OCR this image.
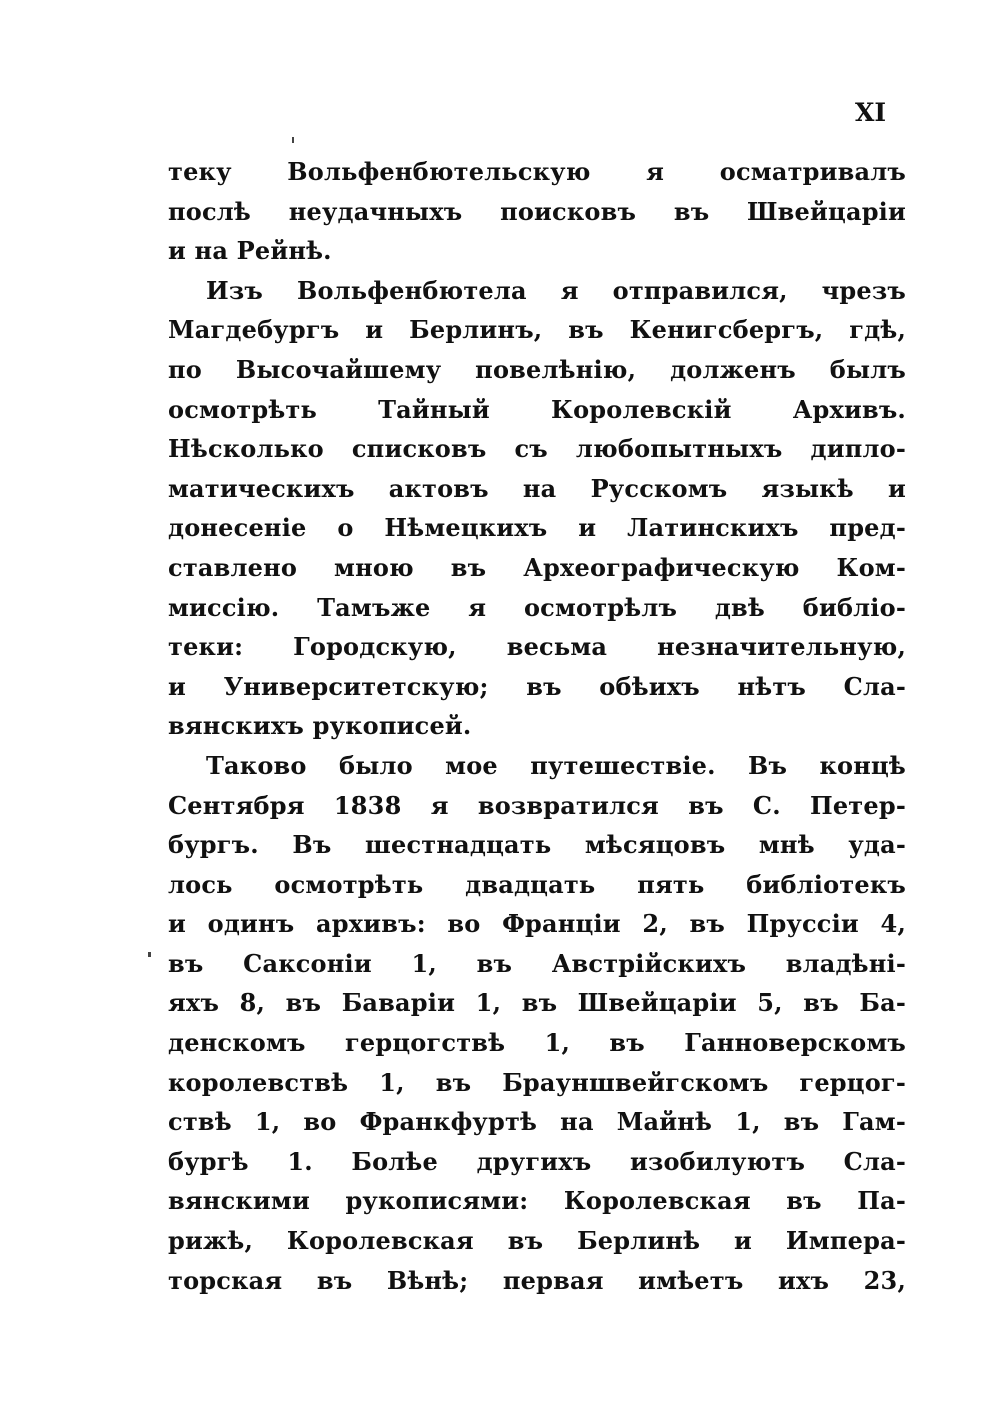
XI
теку Вольфенбютельскую я осматривалъ
послѣ неудачныхъ поисковъ въ Швейцаріи
и на Рейнѣ.
Изъ Вольфенбютела я отправился, чрезъ
Магдебургъ и Берлинъ, въ Кенигсбергъ, гдѣ,
по Высочайшему повелѣнію, долженъ былъ
осмотрѣть Тайный Королевскій Архивъ.
Нѣсколько списковъ съ любопытныхъ дипло-
матическихъ актовъ на Русскомъ языкѣ и
донесеніе о Нѣмецкихъ и Латинскихъ пред-
ставлено мною въ Археографическую Ком-
миссію. Тамъже я осмотрѣлъ двѣ библіо-
теки: Городскую, весьма незначительную,
и Университетскую; въ обѣихъ нѣтъ Сла-
вянскихъ рукописей.
Таково было мое путешествіе. Въ концѣ
Сентября 1838 я возвратился въ С. Петер-
бургъ. Въ шестнадцать мѣсяцовъ мнѣ уда-
лось осмотрѣть двадцать пять библіотекъ
и одинъ архивъ: во Франціи 2, въ Пруссіи 4,
въ Саксоніи 1, въ Австрійскихъ владѣні-
яхъ 8, въ Баваріи 1, въ Швейцаріи 5, въ Ба-
денскомъ герцогствѣ 1, въ Ганноверскомъ
королевствѣ 1, въ Брауншвейгскомъ герцог-
ствѣ 1, во Франкфуртѣ на Майнѣ 1, въ Гам-
бургѣ 1. Болѣе другихъ изобилуютъ Сла-
вянскими рукописями: Королевская въ Па-
рижѣ, Королевская въ Берлинѣ и Импера-
торская въ Вѣнѣ; первая имѣетъ ихъ 23,
